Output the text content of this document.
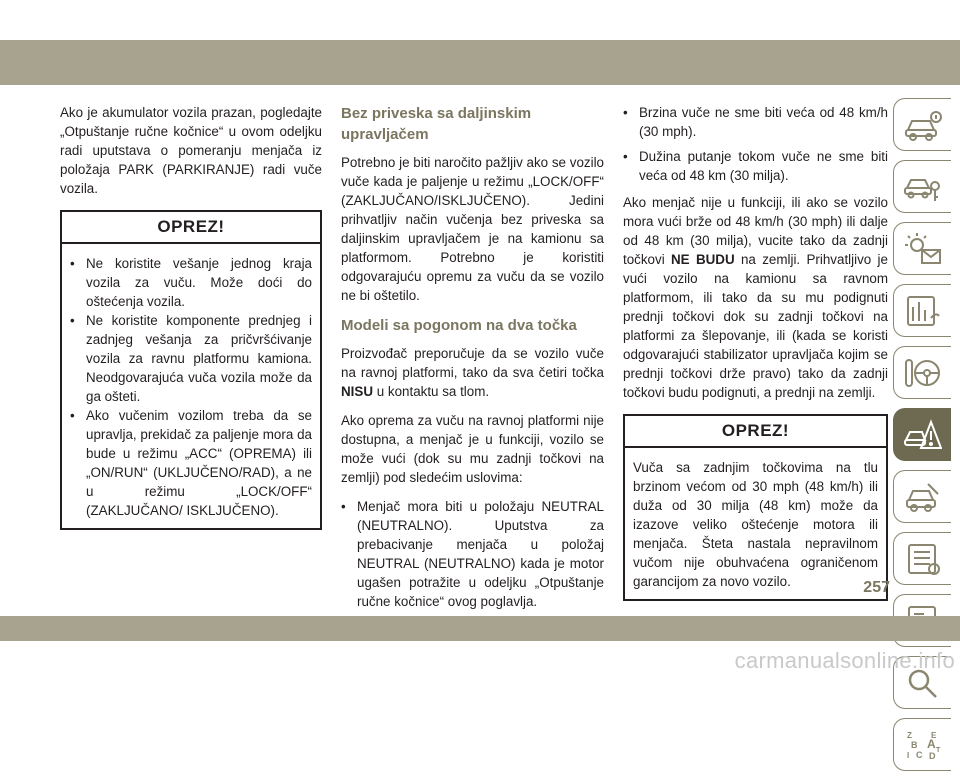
Ako je akumulator vozila prazan, pogledajte „Otpuštanje ručne kočnice“ u ovom odeljku radi uputstava o pomeranju menjača iz položaja PARK (PARKIRANJE) radi vuče vozila.

OPREZ!
• Ne koristite vešanje jednog kraja vozila za vuču. Može doći do oštećenja vozila.
• Ne koristite komponente prednjeg i zadnjeg vešanja za pričvršćivanje vozila za ravnu platformu kamiona. Neodgovarajuća vuča vozila može da ga ošteti.
• Ako vučenim vozilom treba da se upravlja, prekidač za paljenje mora da bude u režimu „ACC“ (OPREMA) ili „ON/RUN“ (UKLJUČENO/RAD), a ne u režimu „LOCK/OFF“ (ZAKLJUČANO/ ISKLJUČENO).
Bez priveska sa daljinskim upravljačem

Potrebno je biti naročito pažljiv ako se vozilo vuče kada je paljenje u režimu „LOCK/OFF“ (ZAKLJUČANO/ISKLJUČENO). Jedini prihvatljiv način vučenja bez priveska sa daljinskim upravljačem je na kamionu sa platformom. Potrebno je koristiti odgovarajuću opremu za vuču da se vozilo ne bi oštetilo.

Modeli sa pogonom na dva točka

Proizvođač preporučuje da se vozilo vuče na ravnoj platformi, tako da sva četiri točka NISU u kontaktu sa tlom.

Ako oprema za vuču na ravnoj platformi nije dostupna, a menjač je u funkciji, vozilo se može vući (dok su mu zadnji točkovi na zemlji) pod sledećim uslovima:

• Menjač mora biti u položaju NEUTRAL (NEUTRALNO). Uputstva za prebacivanje menjača u položaj NEUTRAL (NEUTRALNO) kada je motor ugašen potražite u odeljku „Otpuštanje ručne kočnice“ ovog poglavlja.
• Brzina vuče ne sme biti veća od 48 km/h (30 mph).
• Dužina putanje tokom vuče ne sme biti veća od 48 km (30 milja).

Ako menjač nije u funkciji, ili ako se vozilo mora vući brže od 48 km/h (30 mph) ili dalje od 48 km (30 milja), vucite tako da zadnji točkovi NE BUDU na zemlji. Prihvatljivo je vući vozilo na kamionu sa ravnom platformom, ili tako da su mu podignuti prednji točkovi dok su zadnji točkovi na platformi za šlepovanje, ili (kada se koristi odgovarajući stabilizator upravljača kojim se prednji točkovi drže pravo) tako da zadnji točkovi budu podignuti, a prednji na zemlji.

OPREZ!

Vuča sa zadnjim točkovima na tlu brzinom većom od 30 mph (48 km/h) ili duža od 30 milja (48 km) može da izazove veliko oštećenje motora ili menjača. Šteta nastala nepravilnom vučom nije obuhvaćena ograničenom garancijom za novo vozilo.

Z E
B A
I C D
T
257
carmanualsonline.info
